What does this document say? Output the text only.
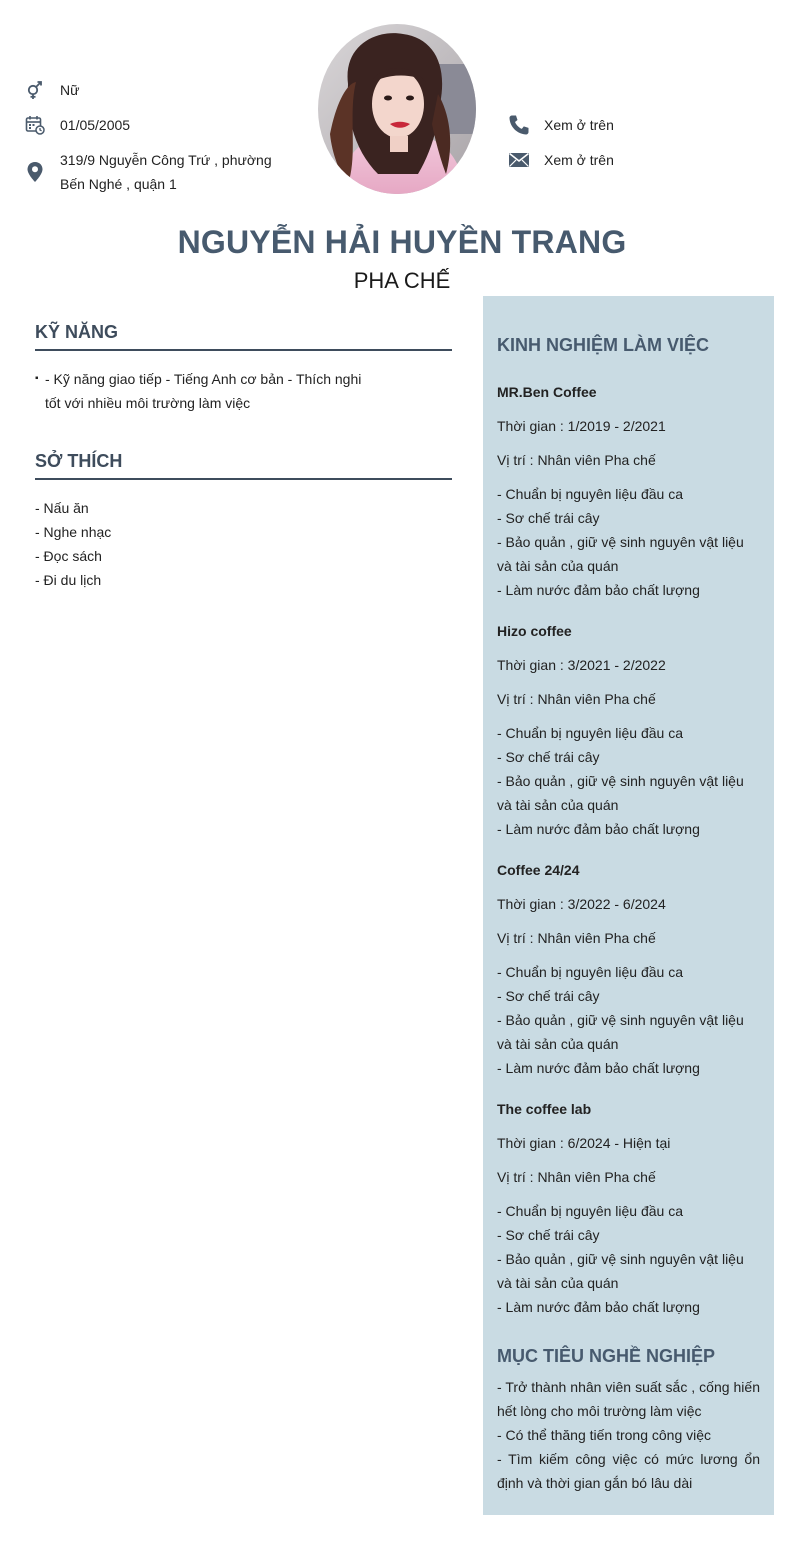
Nữ
01/05/2005
319/9 Nguyễn Công Trứ , phường Bến Nghé , quận 1
Xem ở trên
Xem ở trên
NGUYỄN HẢI HUYỀN TRANG
PHA CHẾ
KỸ NĂNG
▪ - Kỹ năng giao tiếp - Tiếng Anh cơ bản - Thích nghi tốt với nhiều môi trường làm việc
SỞ THÍCH
- Nấu ăn
- Nghe nhạc
- Đọc sách
- Đi du lịch
KINH NGHIỆM LÀM VIỆC
MR.Ben Coffee
Thời gian : 1/2019 - 2/2021
Vị trí : Nhân viên Pha chế
- Chuẩn bị nguyên liệu đầu ca
- Sơ chế trái cây
- Bảo quản , giữ vệ sinh nguyên vật liệu và tài sản của quán
- Làm nước đảm bảo chất lượng
Hizo coffee
Thời gian : 3/2021 - 2/2022
Vị trí : Nhân viên Pha chế
- Chuẩn bị nguyên liệu đầu ca
- Sơ chế trái cây
- Bảo quản , giữ vệ sinh nguyên vật liệu và tài sản của quán
- Làm nước đảm bảo chất lượng
Coffee 24/24
Thời gian : 3/2022 - 6/2024
Vị trí : Nhân viên Pha chế
- Chuẩn bị nguyên liệu đầu ca
- Sơ chế trái cây
- Bảo quản , giữ vệ sinh nguyên vật liệu và tài sản của quán
- Làm nước đảm bảo chất lượng
The coffee lab
Thời gian : 6/2024 - Hiện tại
Vị trí : Nhân viên Pha chế
- Chuẩn bị nguyên liệu đầu ca
- Sơ chế trái cây
- Bảo quản , giữ vệ sinh nguyên vật liệu và tài sản của quán
- Làm nước đảm bảo chất lượng
MỤC TIÊU NGHỀ NGHIỆP
- Trở thành nhân viên suất sắc , cống hiến hết lòng cho môi trường làm việc
- Có thể thăng tiến trong công việc
- Tìm kiếm công việc có mức lương ổn định và thời gian gắn bó lâu dài
